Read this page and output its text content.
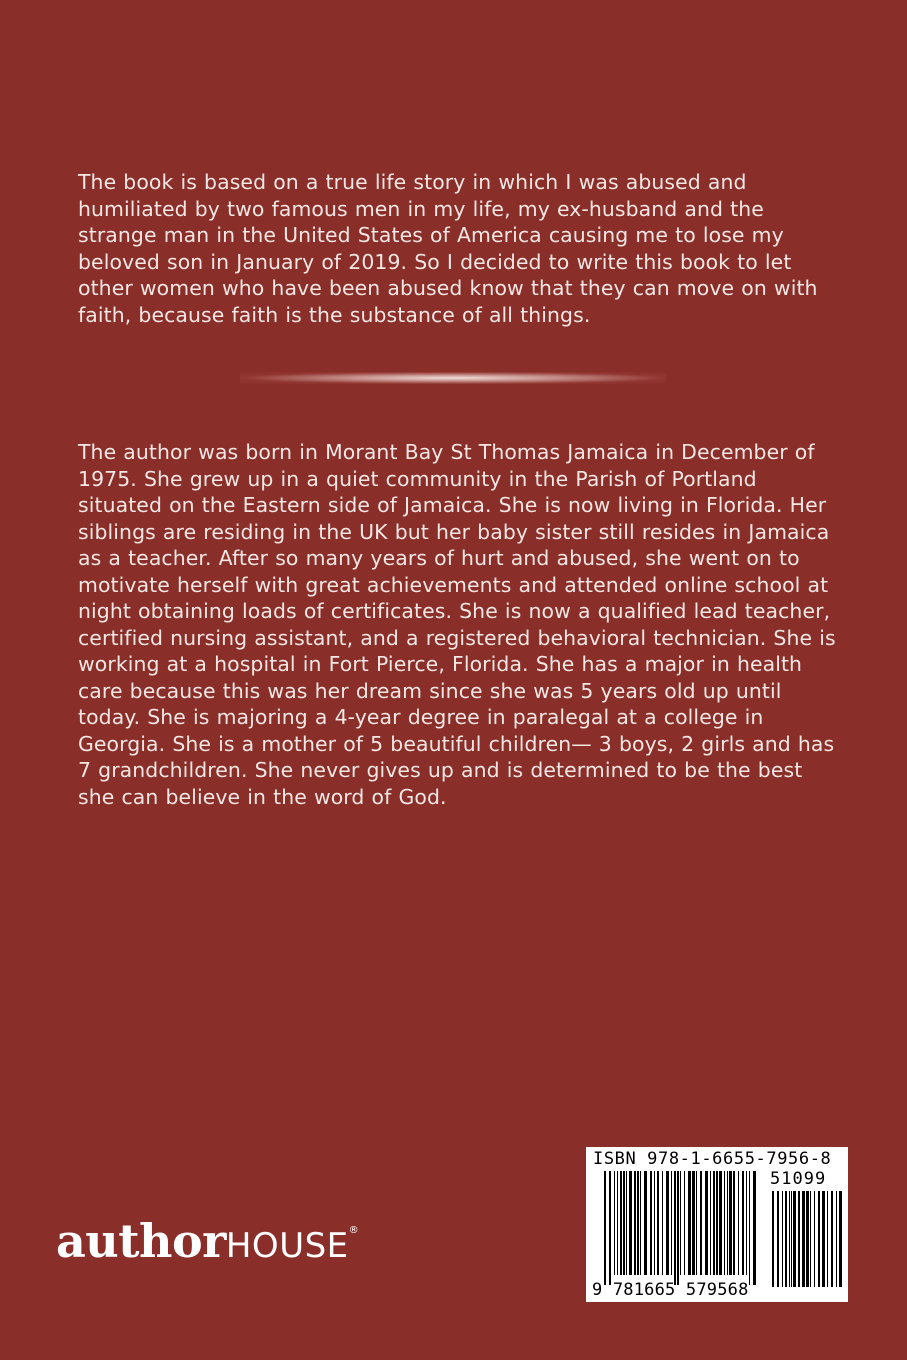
The book is based on a true life story in which I was abused and humiliated by two famous men in my life, my ex-husband and the strange man in the United States of America causing me to lose my beloved son in January of 2019. So I decided to write this book to let other women who have been abused know that they can move on with faith, because faith is the substance of all things.

The author was born in Morant Bay St Thomas Jamaica in December of 1975. She grew up in a quiet community in the Parish of Portland situated on the Eastern side of Jamaica. She is now living in Florida. Her siblings are residing in the UK but her baby sister still resides in Jamaica as a teacher. After so many years of hurt and abused, she went on to motivate herself with great achievements and attended online school at night obtaining loads of certificates. She is now a qualified lead teacher, certified nursing assistant, and a registered behavioral technician. She is working at a hospital in Fort Pierce, Florida. She has a major in health care because this was her dream since she was 5 years old up until today. She is majoring a 4-year degree in paralegal at a college in Georgia. She is a mother of 5 beautiful children— 3 boys, 2 girls and has 7 grandchildren. She never gives up and is determined to be the best she can believe in the word of God.

authorHOUSE®
ISBN 978-1-6655-7956-8
51099
9 781665 579568
